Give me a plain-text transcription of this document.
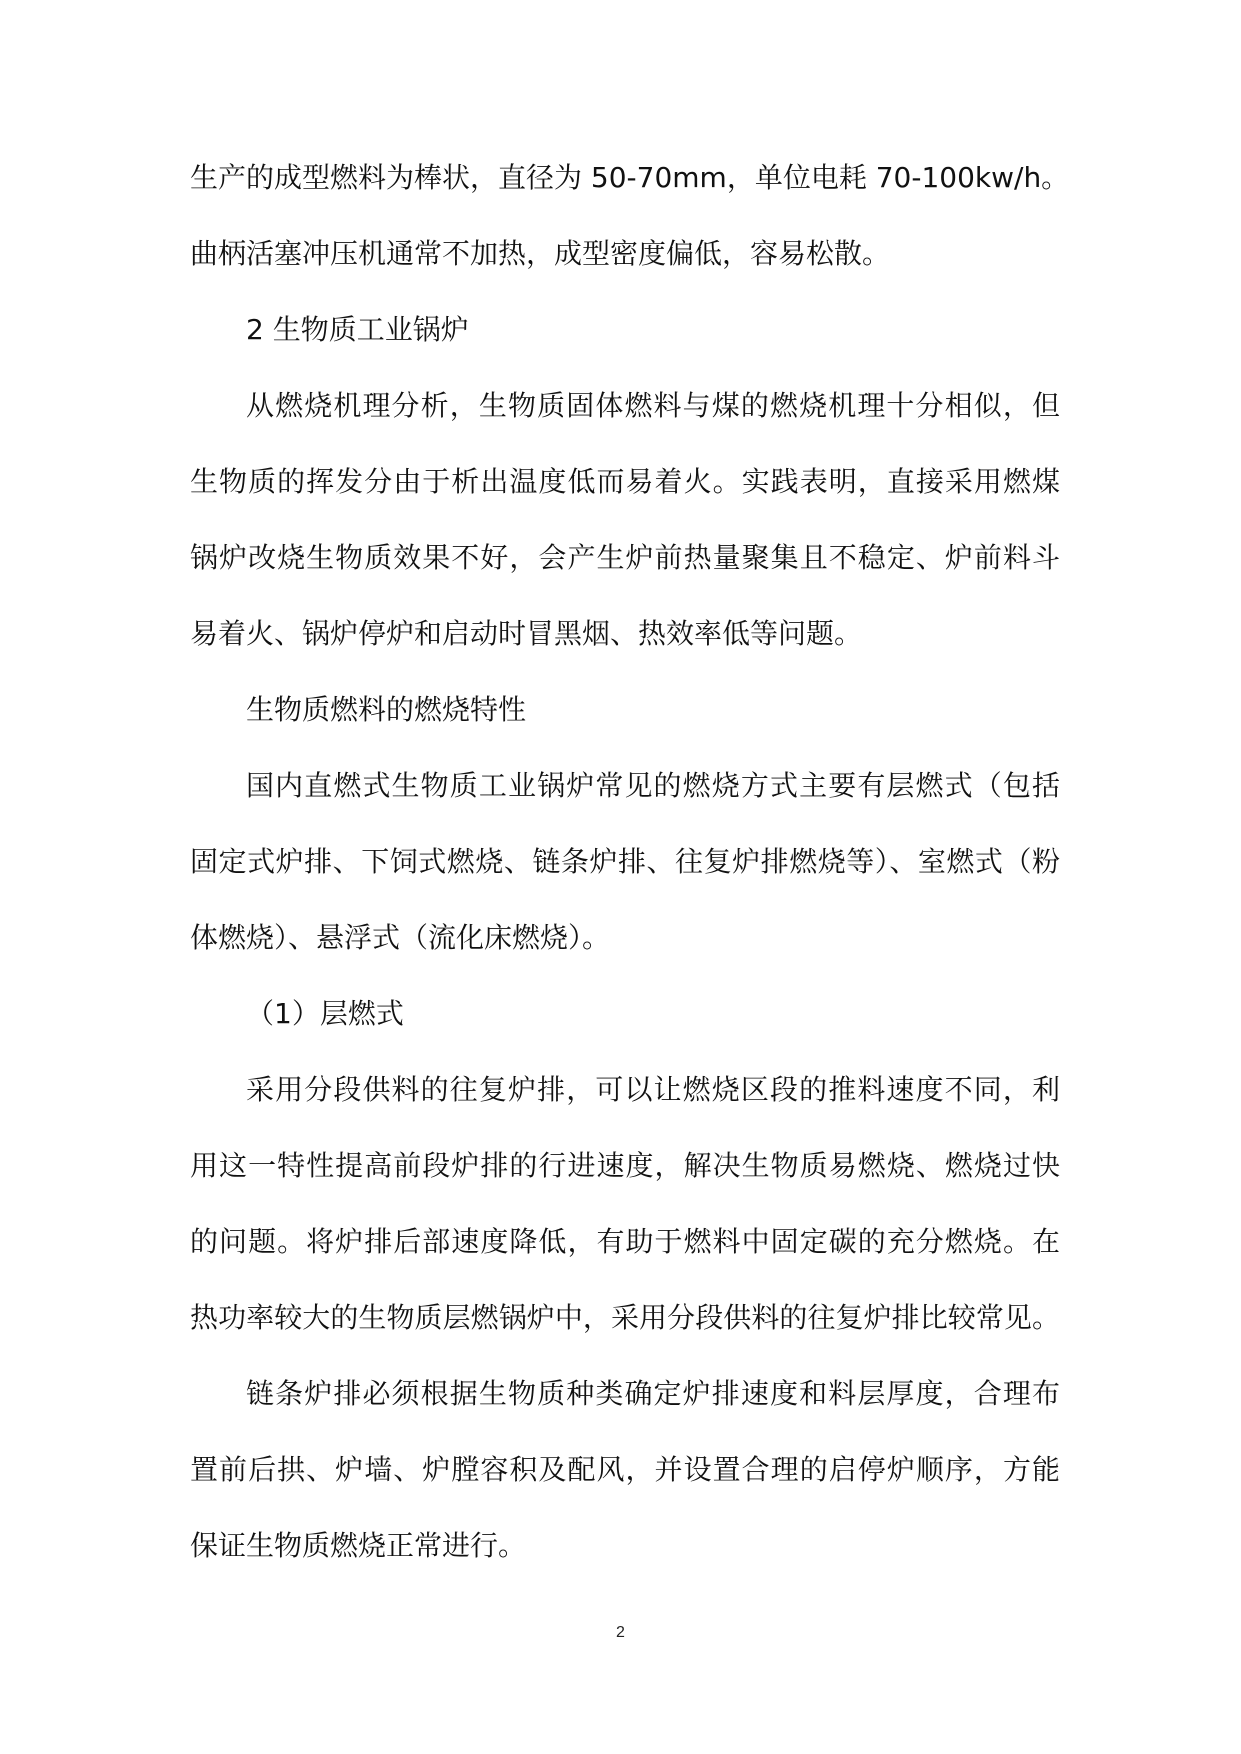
生产的成型燃料为棒状，直径为 50-70mm，单位电耗 70-100kw/h。
曲柄活塞冲压机通常不加热，成型密度偏低，容易松散。
2 生物质工业锅炉
从燃烧机理分析，生物质固体燃料与煤的燃烧机理十分相似，但
生物质的挥发分由于析出温度低而易着火。实践表明，直接采用燃煤
锅炉改烧生物质效果不好，会产生炉前热量聚集且不稳定、炉前料斗
易着火、锅炉停炉和启动时冒黑烟、热效率低等问题。
生物质燃料的燃烧特性
国内直燃式生物质工业锅炉常见的燃烧方式主要有层燃式（包括
固定式炉排、下饲式燃烧、链条炉排、往复炉排燃烧等）、室燃式（粉
体燃烧）、悬浮式（流化床燃烧）。
（1）层燃式
采用分段供料的往复炉排，可以让燃烧区段的推料速度不同，利
用这一特性提高前段炉排的行进速度，解决生物质易燃烧、燃烧过快
的问题。将炉排后部速度降低，有助于燃料中固定碳的充分燃烧。在
热功率较大的生物质层燃锅炉中，采用分段供料的往复炉排比较常见。
链条炉排必须根据生物质种类确定炉排速度和料层厚度，合理布
置前后拱、炉墙、炉膛容积及配风，并设置合理的启停炉顺序，方能
保证生物质燃烧正常进行。
2
